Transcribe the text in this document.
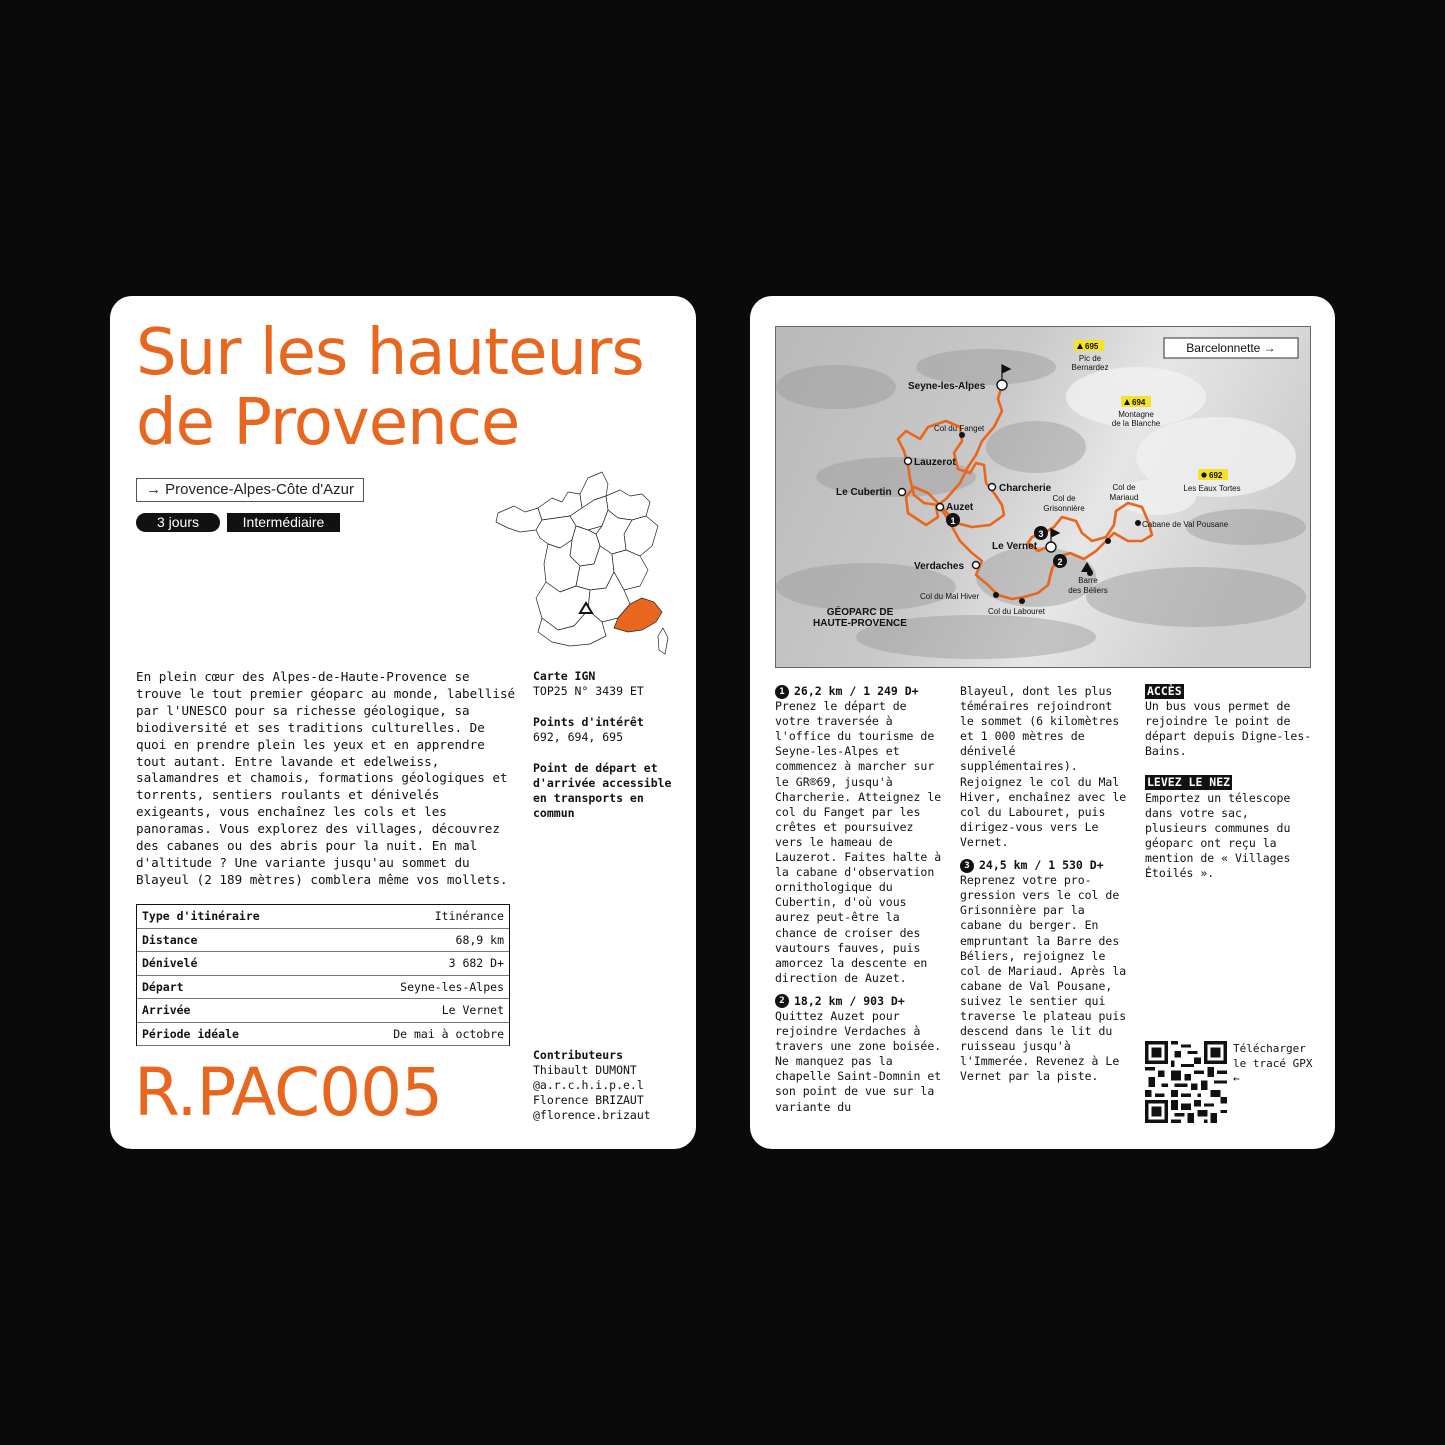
Sur les hauteurs
de Provence
→ Provence-Alpes-Côte d'Azur
3 jours	Intermédiaire

En plein cœur des Alpes-de-Haute-Provence se trouve le tout premier géoparc au monde, labellisé par l'UNESCO pour sa richesse géologique, sa biodiversité et ses traditions culturelles. De quoi en prendre plein les yeux et en apprendre tout autant. Entre lavande et edelweiss, salamandres et chamois, formations géologiques et torrents, sentiers roulants et dénivelés exigeants, vous enchaînez les cols et les panoramas. Vous explorez des villages, découvrez des cabanes ou des abris pour la nuit. En mal d'altitude ? Une variante jusqu'au sommet du Blayeul (2 189 mètres) comblera même vos mollets.

Carte IGN
TOP25 N° 3439 ET
Points d'intérêt
692, 694, 695
Point de départ et d'arrivée accessible en transports en commun
Type d'itinéraire	Itinérance
Distance	68,9 km
Dénivelé	3 682 D+
Départ	Seyne-les-Alpes
Arrivée	Le Vernet
Période idéale	De mai à octobre
R.PAC005	Contributeurs
Thibault DUMONT
@a.r.c.h.i.p.e.l
Florence BRIZAUT
@florence.brizaut
1
2
3
Seyne-les-Alpes
Col du Fanget
Lauzerot
Le Cubertin	Charcherie
Auzet
Col de
Grisonnière
Col de
Mariaud
Cabane de Val Pousane
Le Vernet
Verdaches
Barre
des Béliers
Col du Mal Hiver
Col du Labouret
GÉOPARC DE
HAUTE-PROVENCE
Pic de
Bernardez
Montagne
de la Blanche
Les Eaux Tortes
695
694
692
Barcelonnette →
1 26,2 km / 1 249 D+

Prenez le départ de votre traversée à l'office du tourisme de Seyne-les-Alpes et commencez à marcher sur le GR®69, jusqu'à Charcherie. Atteignez le col du Fanget par les crêtes et poursuivez vers le hameau de Lauzerot. Faites halte à la cabane d'observation ornithologique du Cubertin, d'où vous aurez peut-être la chance de croiser des vautours fauves, puis amorcez la descente en direction de Auzet.

2 18,2 km / 903 D+

Quittez Auzet pour rejoindre Verdaches à travers une zone boisée. Ne manquez pas la chapelle Saint-Domnin et son point de vue sur la variante du

Blayeul, dont les plus téméraires rejoindront le sommet (6 kilomètres et 1 000 mètres de dénivelé supplémentaires). Rejoignez le col du Mal Hiver, enchaînez avec le col du Labouret, puis dirigez-vous vers Le Vernet.

3 24,5 km / 1 530 D+

Reprenez votre pro-gression vers le col de Grisonnière par la cabane du berger. En empruntant la Barre des Béliers, rejoignez le col de Mariaud. Après la cabane de Val Pousane, suivez le sentier qui traverse le plateau puis descend dans le lit du ruisseau jusqu'à l'Immerée. Revenez à Le Vernet par la piste.

ACCÈS

Un bus vous permet de rejoindre le point de départ depuis Digne-les-Bains.

LEVEZ LE NEZ

Emportez un télescope dans votre sac, plusieurs communes du géoparc ont reçu la mention de « Villages Étoilés ».

Télécharger
le tracé GPX
←
